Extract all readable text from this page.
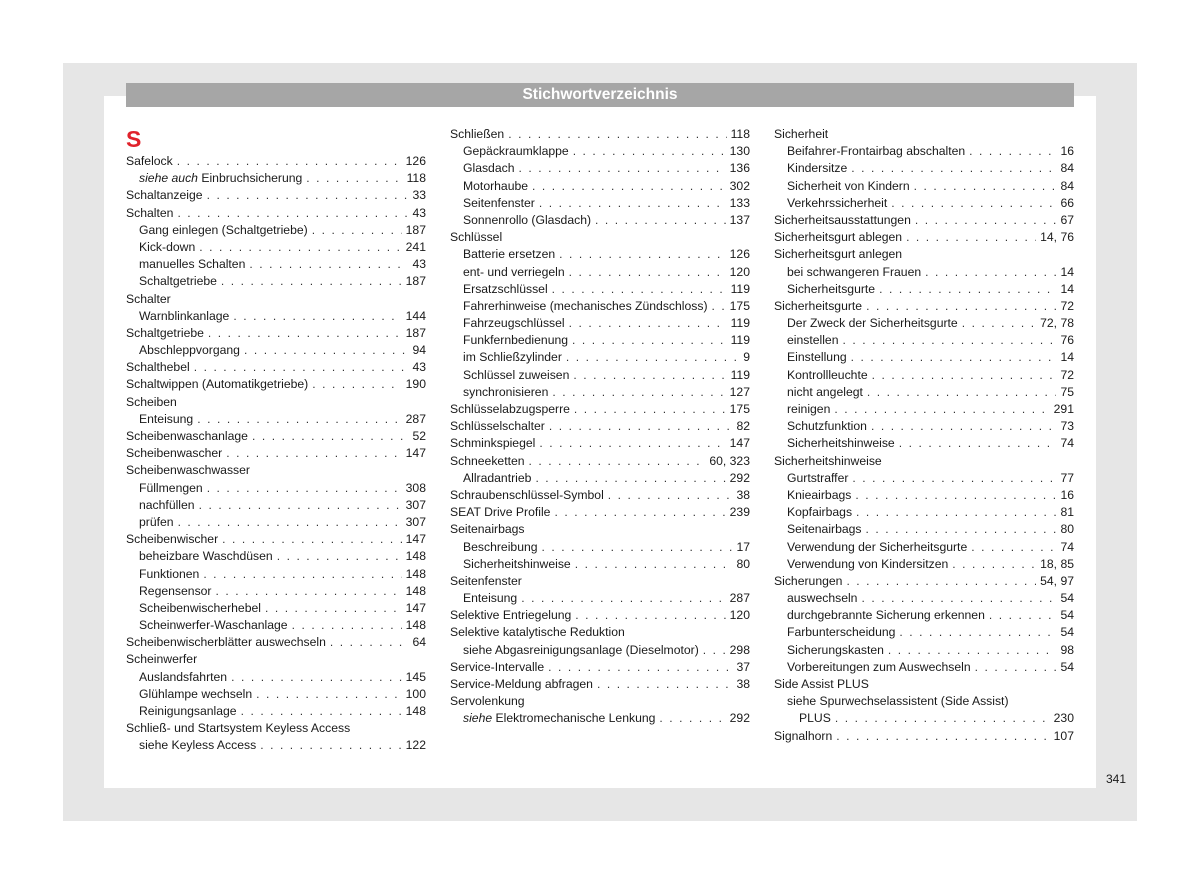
Stichwortverzeichnis
S
Safelock . . .	126
siehe auch Einbruchsicherung . . .	118
Schaltanzeige . . .	33
Schalten . . .	43
Gang einlegen (Schaltgetriebe) . . .	187
Kick-down . . .	241
manuelles Schalten . . .	43
Schaltgetriebe . . .	187
Schalter
Warnblinkanlage . . .	144
Schaltgetriebe . . .	187
Abschleppvorgang . . .	94
Schalthebel . . .	43
Schaltwippen (Automatikgetriebe) . . .	190
Scheiben
Enteisung . . .	287
Scheibenwaschanlage . . .	52
Scheibenwascher . . .	147
Scheibenwaschwasser
Füllmengen . . .	308
nachfüllen . . .	307
prüfen . . .	307
Scheibenwischer . . .	147
beheizbare Waschdüsen . . .	148
Funktionen . . .	148
Regensensor . . .	148
Scheibenwischerhebel . . .	147
Scheinwerfer-Waschanlage . . .	148
Scheibenwischerblätter auswechseln . . .	64
Scheinwerfer
Auslandsfahrten . . .	145
Glühlampe wechseln . . .	100
Reinigungsanlage . . .	148
Schließ- und Startsystem Keyless Access
siehe Keyless Access . . .	122
Schließen . . .	118
Gepäckraumklappe . . .	130
Glasdach . . .	136
Motorhaube . . .	302
Seitenfenster . . .	133
Sonnenrollo (Glasdach) . . .	137
Schlüssel
Batterie ersetzen . . .	126
ent- und verriegeln . . .	120
Ersatzschlüssel . . .	119
Fahrerhinweise (mechanisches Zündschloss) . . . 175
Fahrzeugschlüssel . . .	119
Funkfernbedienung . . .	119
im Schließzylinder . . .	9
Schlüssel zuweisen . . .	119
synchronisieren . . .	127
Schlüsselabzugsperre . . .	175
Schlüsselschalter . . .	82
Schminkspiegel . . .	147
Schneeketten . . .	60, 323
Allradantrieb . . .	292
Schraubenschlüssel-Symbol . . .	38
SEAT Drive Profile . . .	239
Seitenairbags
Beschreibung . . .	17
Sicherheitshinweise . . .	80
Seitenfenster
Enteisung . . .	287
Selektive Entriegelung . . .	120
Selektive katalytische Reduktion
siehe Abgasreinigungsanlage (Dieselmotor) . . .	298
Service-Intervalle . . .	37
Service-Meldung abfragen . . .	38
Servolenkung
siehe Elektromechanische Lenkung . . .	292
Sicherheit
Beifahrer-Frontairbag abschalten . . .	16
Kindersitze . . .	84
Sicherheit von Kindern . . .	84
Verkehrssicherheit . . .	66
Sicherheitsausstattungen . . .	67
Sicherheitsgurt ablegen . . .	14, 76
Sicherheitsgurt anlegen
bei schwangeren Frauen . . .	14
Sicherheitsgurte . . .	14
Sicherheitsgurte . . .	72
Der Zweck der Sicherheitsgurte . . .	72, 78
einstellen . . .	76
Einstellung . . .	14
Kontrollleuchte . . .	72
nicht angelegt . . .	75
reinigen . . .	291
Schutzfunktion . . .	73
Sicherheitshinweise . . .	74
Sicherheitshinweise
Gurtstraffer . . .	77
Knieairbags . . .	16
Kopfairbags . . .	81
Seitenairbags . . .	80
Verwendung der Sicherheitsgurte . . .	74
Verwendung von Kindersitzen . . .	18, 85
Sicherungen . . .	54, 97
auswechseln . . .	54
durchgebrannte Sicherung erkennen . . .	54
Farbunterscheidung . . .	54
Sicherungskasten . . .	98
Vorbereitungen zum Auswechseln . . .	54
Side Assist PLUS
siehe Spurwechselassistent (Side Assist)
PLUS . . .	230
Signalhorn . . .	107
341
